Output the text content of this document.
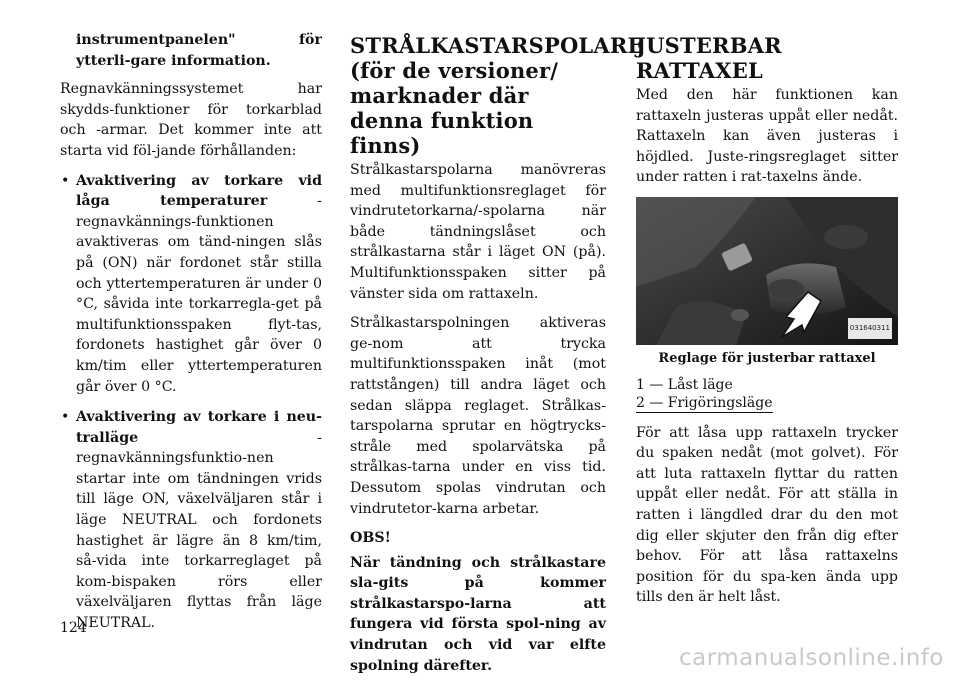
instrumentpanelen" för ytterli-gare information.

Regnavkänningssystemet har skydds-funktioner för torkarblad och -armar. Det kommer inte att starta vid föl-jande förhållanden:

• Avaktivering av torkare vid låga temperaturer - regnavkännings-funktionen avaktiveras om tänd-ningen slås på (ON) när fordonet står stilla och yttertemperaturen är under 0 °C, såvida inte torkarregla-get på multifunktionsspaken flyt-tas, fordonets hastighet går över 0 km/tim eller yttertemperaturen går över 0 °C.
• Avaktivering av torkare i neu-tralläge - regnavkänningsfunktio-nen startar inte om tändningen vrids till läge ON, växelväljaren står i läge NEUTRAL och fordonets hastighet är lägre än 8 km/tim, så-vida inte torkarreglaget på kom-bispaken rörs eller växelväljaren flyttas från läge NEUTRAL.
STRÅLKASTARSPOLARE (för de versioner/ marknader där denna funktion finns)

Strålkastarspolarna manövreras med multifunktionsreglaget för vindrutetorkarna/-spolarna när både tändningslåset och strålkastarna står i läget ON (på). Multifunktionsspaken sitter på vänster sida om rattaxeln.

Strålkastarspolningen aktiveras ge-nom att trycka multifunktionsspaken inåt (mot rattstången) till andra läget och sedan släppa reglaget. Strålkas-tarspolarna sprutar en högtrycks-stråle med spolarvätska på strålkas-tarna under en viss tid. Dessutom spolas vindrutan och vindrutetor-karna arbetar.

OBS!

När tändning och strålkastare sla-gits på kommer strålkastarspo-larna att fungera vid första spol-ning av vindrutan och vid var elfte spolning därefter.

JUSTERBAR RATTAXEL

Med den här funktionen kan rattaxeln justeras uppåt eller nedåt. Rattaxeln kan även justeras i höjdled. Juste-ringsreglaget sitter under ratten i rat-taxelns ände.

031640311
Reglage för justerbar rattaxel
1 — Låst läge
2 — Frigöringsläge

För att låsa upp rattaxeln trycker du spaken nedåt (mot golvet). För att luta rattaxeln flyttar du ratten uppåt eller nedåt. För att ställa in ratten i längdled drar du den mot dig eller skjuter den från dig efter behov. För att låsa rattaxelns position för du spa-ken ända upp tills den är helt låst.

124
carmanualsonline.info
